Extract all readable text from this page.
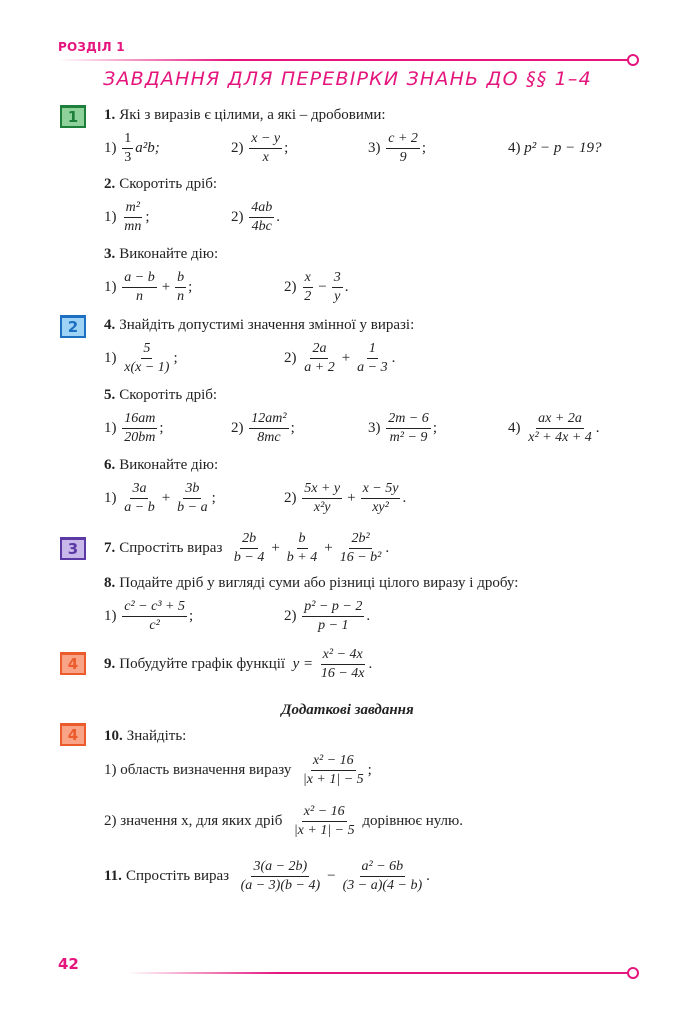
РОЗДІЛ 1
ЗАВДАННЯ ДЛЯ ПЕРЕВІРКИ ЗНАНЬ ДО §§ 1–4
1
2
3
4
4
1. Які з виразів є цілими, а які – дробовими:
1)
$\frac{1}{3} a^2b$;	2)
$\frac{x - y}{x}$ ;	3)
$\frac{c + 2}{9}$ ;	4)
p² − p − 19?
2. Скоротіть дріб:
1)
$\frac{\text{m²}}{mn}$ ;	2)
$\frac{4ab}{4bc}$ .
3. Виконайте дію:
1)
$\frac{a - b}{n} + \frac{b}{n}$ ;	2)
$\frac{x}{2} - \frac{3}{y}$ .
4. Знайдіть допустимі значення змінної у виразі:
1)
$\frac{5}{x(x - 1)}$ ;	2)
$\frac{2a}{a + 2} + \frac{1}{a - 3}$ .
5. Скоротіть дріб:
1)
$\frac{16am}{20bm}$ ;	2)
$\frac{\text{12am²}}{8mc}$ ;	3)
$\frac{2m - 6}{\text{m² − 9}}$ ;	4)
$\frac{ax + 2a}{\text{x² + 4x + 4}}$ .
6. Виконайте дію:
1)
$\frac{3a}{a - b} + \frac{3b}{b - a}$ ;	2)
$\frac{5x + y}{\text{x²y}} + \frac{x - 5y}{\text{xy²}}$ .
7. Спростіть вираз
$\frac{2b}{b - 4} + \frac{b}{b + 4} + \frac{\text{2b²}}{\text{16 − b²}}$ .
8. Подайте дріб у вигляді суми або різниці цілого виразу і дробу:
1)
$\frac{\text{c² − c³ + 5}}{\text{c²}}$ ;	2)
$\frac{\text{p² − p − 2}}{p - 1}$ .
9. Побудуйте графік функції
y =
$\frac{\text{x² − 4x}}{16 - 4x}$ .
Додаткові завдання
10. Знайдіть:
1) область визначення виразу
$\frac{\text{x² − 16}}{|x + 1| - 5}$ ;
2) значення x, для яких дріб
$\frac{\text{x² − 16}}{|x + 1| - 5}$
дорівнює нулю.
11. Спростіть вираз
$\frac{3(a - 2b)}{(a - 3)(b - 4)} - \frac{\text{a² − 6b}}{(3 - a)(4 - b)}$ .
42
